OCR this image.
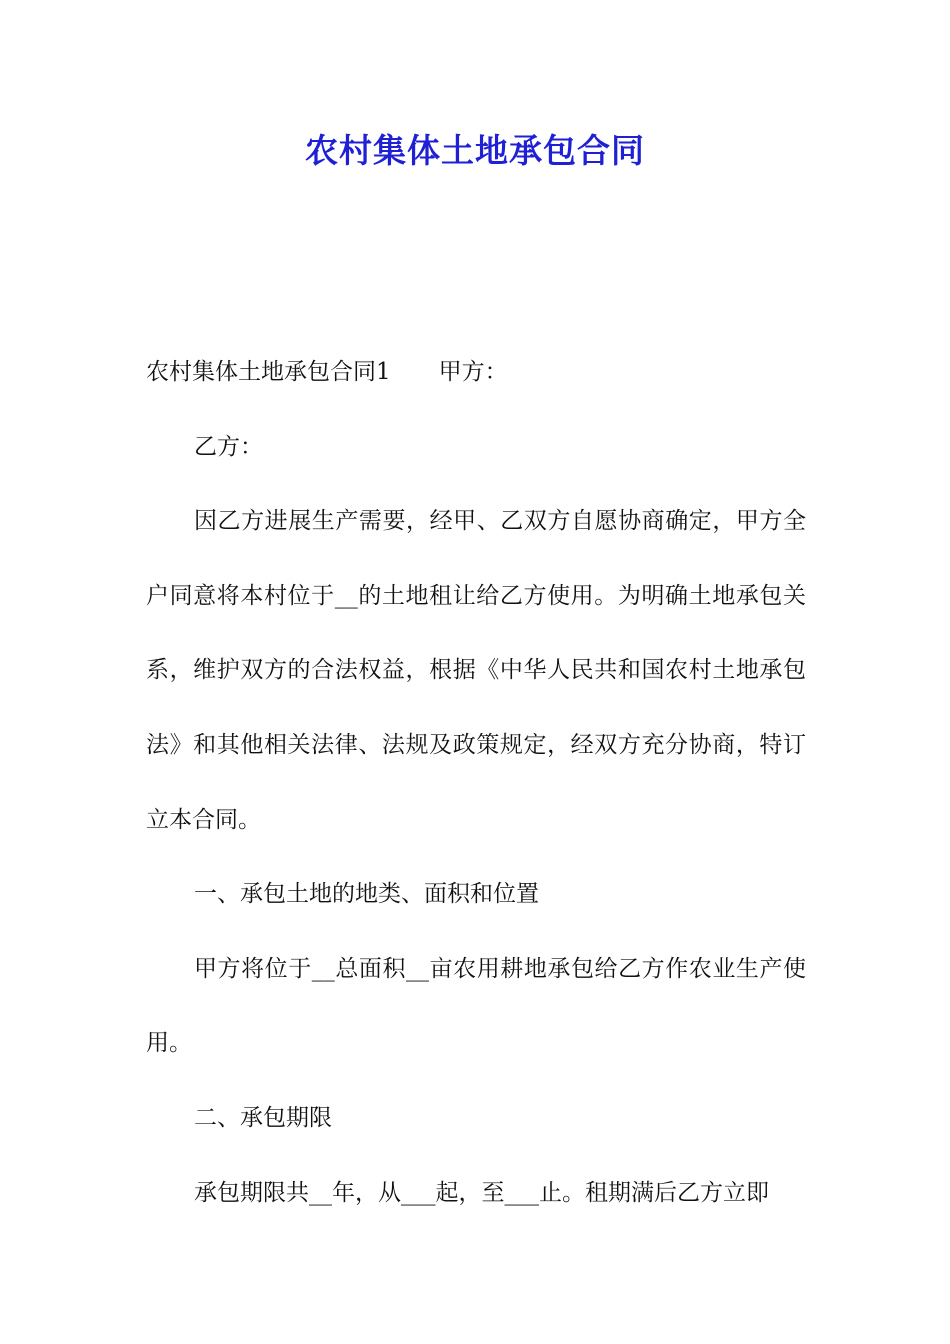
农村集体土地承包合同

农村集体土地承包合同1 甲方：

乙方：

因乙方进展生产需要，经甲、乙双方自愿协商确定，甲方全户同意将本村位于__的土地租让给乙方使用。为明确土地承包关系，维护双方的合法权益，根据《中华人民共和国农村土地承包法》和其他相关法律、法规及政策规定，经双方充分协商，特订立本合同。

一、承包土地的地类、面积和位置

甲方将位于__总面积__亩农用耕地承包给乙方作农业生产使用。

二、承包期限

承包期限共__年，从___起，至___止。租期满后乙方立即
